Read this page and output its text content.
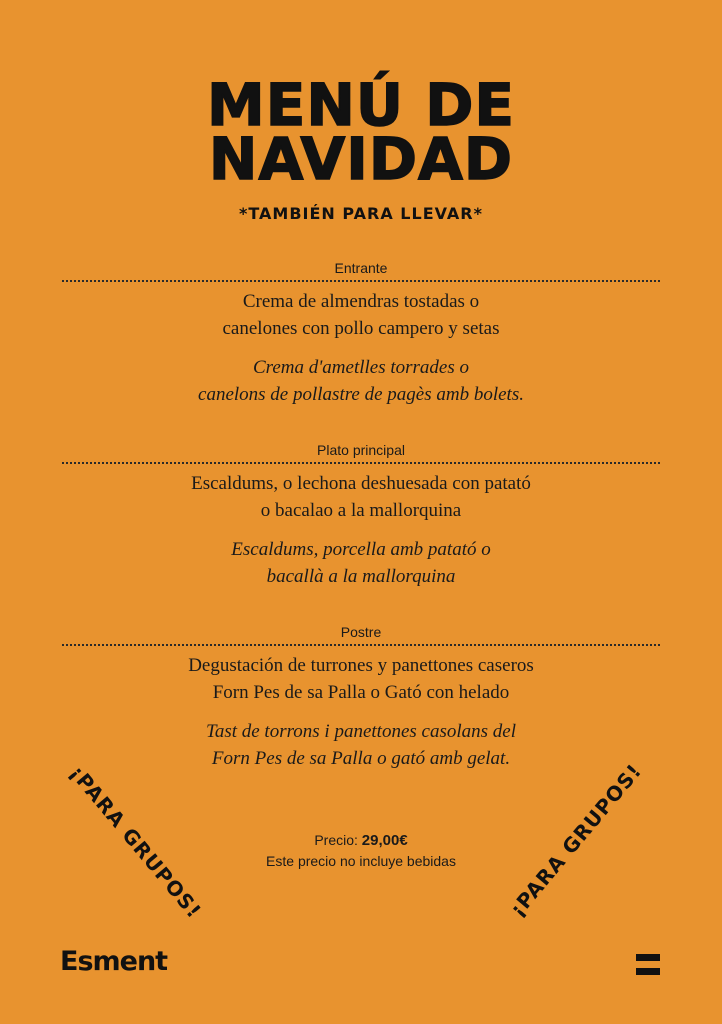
MENÚ DE
NAVIDAD
*TAMBIÉN PARA LLEVAR*
Entrante
Crema de almendras tostadas o
canelones con pollo campero y setas
Crema d'ametlles torrades o
canelons de pollastre de pagès amb bolets.
Plato principal
Escaldums, o lechona deshuesada con patató
o bacalao a la mallorquina
Escaldums, porcella amb patató o
bacallà a la mallorquina
Postre
Degustación de turrones y panettones caseros
Forn Pes de sa Palla o Gató con helado
Tast de torrons i panettones casolans del
Forn Pes de sa Palla o gató amb gelat.
Precio: 29,00€
Este precio no incluye bebidas
¡PARA GRUPOS!	¡PARA GRUPOS!
Esment
